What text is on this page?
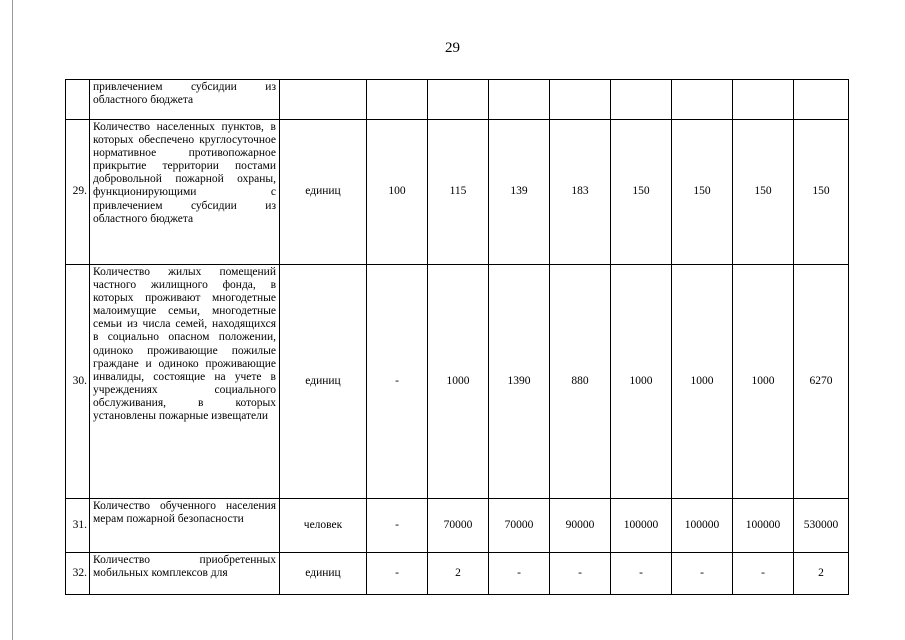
29
	привлечением субсидии из областного бюджета									
29.	Количество населенных пунктов, в которых обеспечено круглосуточное нормативное противопожарное прикрытие территории постами добровольной пожарной охраны, функционирующими с привлечением субсидии из областного бюджета	единиц	100	115	139	183	150	150	150	150
30.	Количество жилых помещений частного жилищного фонда, в которых проживают многодетные малоимущие семьи, многодетные семьи из числа семей, находящихся в социально опасном положении, одиноко проживающие пожилые граждане и одиноко проживающие инвалиды, состоящие на учете в учреждениях социального обслуживания, в которых установлены пожарные извещатели	единиц	-	1000	1390	880	1000	1000	1000	6270
31.	Количество обученного населения мерам пожарной безопасности	человек	-	70000	70000	90000	100000	100000	100000	530000
32.	Количество приобретенных мобильных комплексов для	единиц	-	2	-	-	-	-	-	2
